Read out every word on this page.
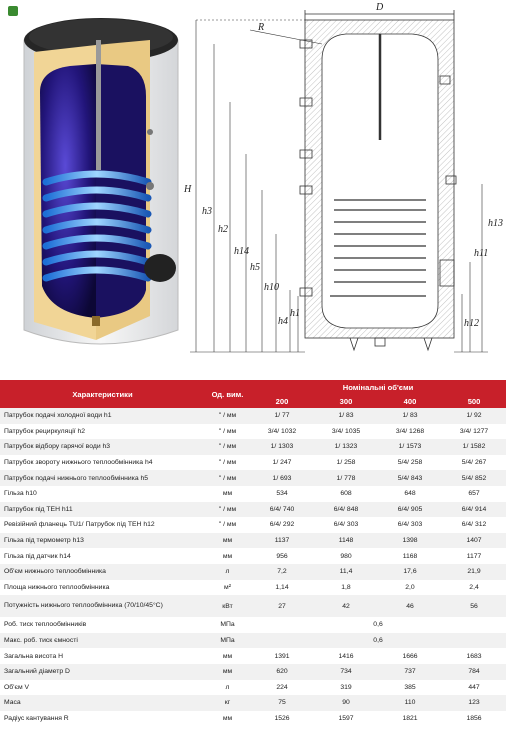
D
R
H
h3
h2
h14
h5
h10
h4
h1
h13
h11
h12
Характеристики	Од. вим.	Номінальні об'єми			
		200	300	400	500
Патрубок подачі холодної води h1	" / мм	1/ 77	1/ 83	1/ 83	1/ 92
Патрубок рециркуляції h2	" / мм	3/4/ 1032	3/4/ 1035	3/4/ 1268	3/4/ 1277
Патрубок відбору гарячої води h3	" / мм	1/ 1303	1/ 1323	1/ 1573	1/ 1582
Патрубок звороту нижнього теплообмінника h4	" / мм	1/ 247	1/ 258	5/4/ 258	5/4/ 267
Патрубок подачі нижнього теплообмінника h5	" / мм	1/ 693	1/ 778	5/4/ 843	5/4/ 852
Гільза h10	мм	534	608	648	657
Патрубок під ТЕН h11	" / мм	6/4/ 740	6/4/ 848	6/4/ 905	6/4/ 914
Ревізійний фланець TU1/ Патрубок під ТЕН h12	" / мм	6/4/ 292	6/4/ 303	6/4/ 303	6/4/ 312
Гільза під термометр h13	мм	1137	1148	1398	1407
Гільза під датчик h14	мм	956	980	1168	1177
Об'єм нижнього теплообмінника	л	7,2	11,4	17,6	21,9
Площа нижнього теплообмінника	м²	1,14	1,8	2,0	2,4
Потужність нижнього теплообмінника (70/10/45°С)	кВт	27	42	46	56
Роб. тиск теплообмінників	МПа	0,6			
Макс. роб. тиск ємності	МПа	0,6			
Загальна висота H	мм	1391	1416	1666	1683
Загальний діаметр D	мм	620	734	737	784
Об'єм V	л	224	319	385	447
Маса	кг	75	90	110	123
Радіус кантування R	мм	1526	1597	1821	1856
